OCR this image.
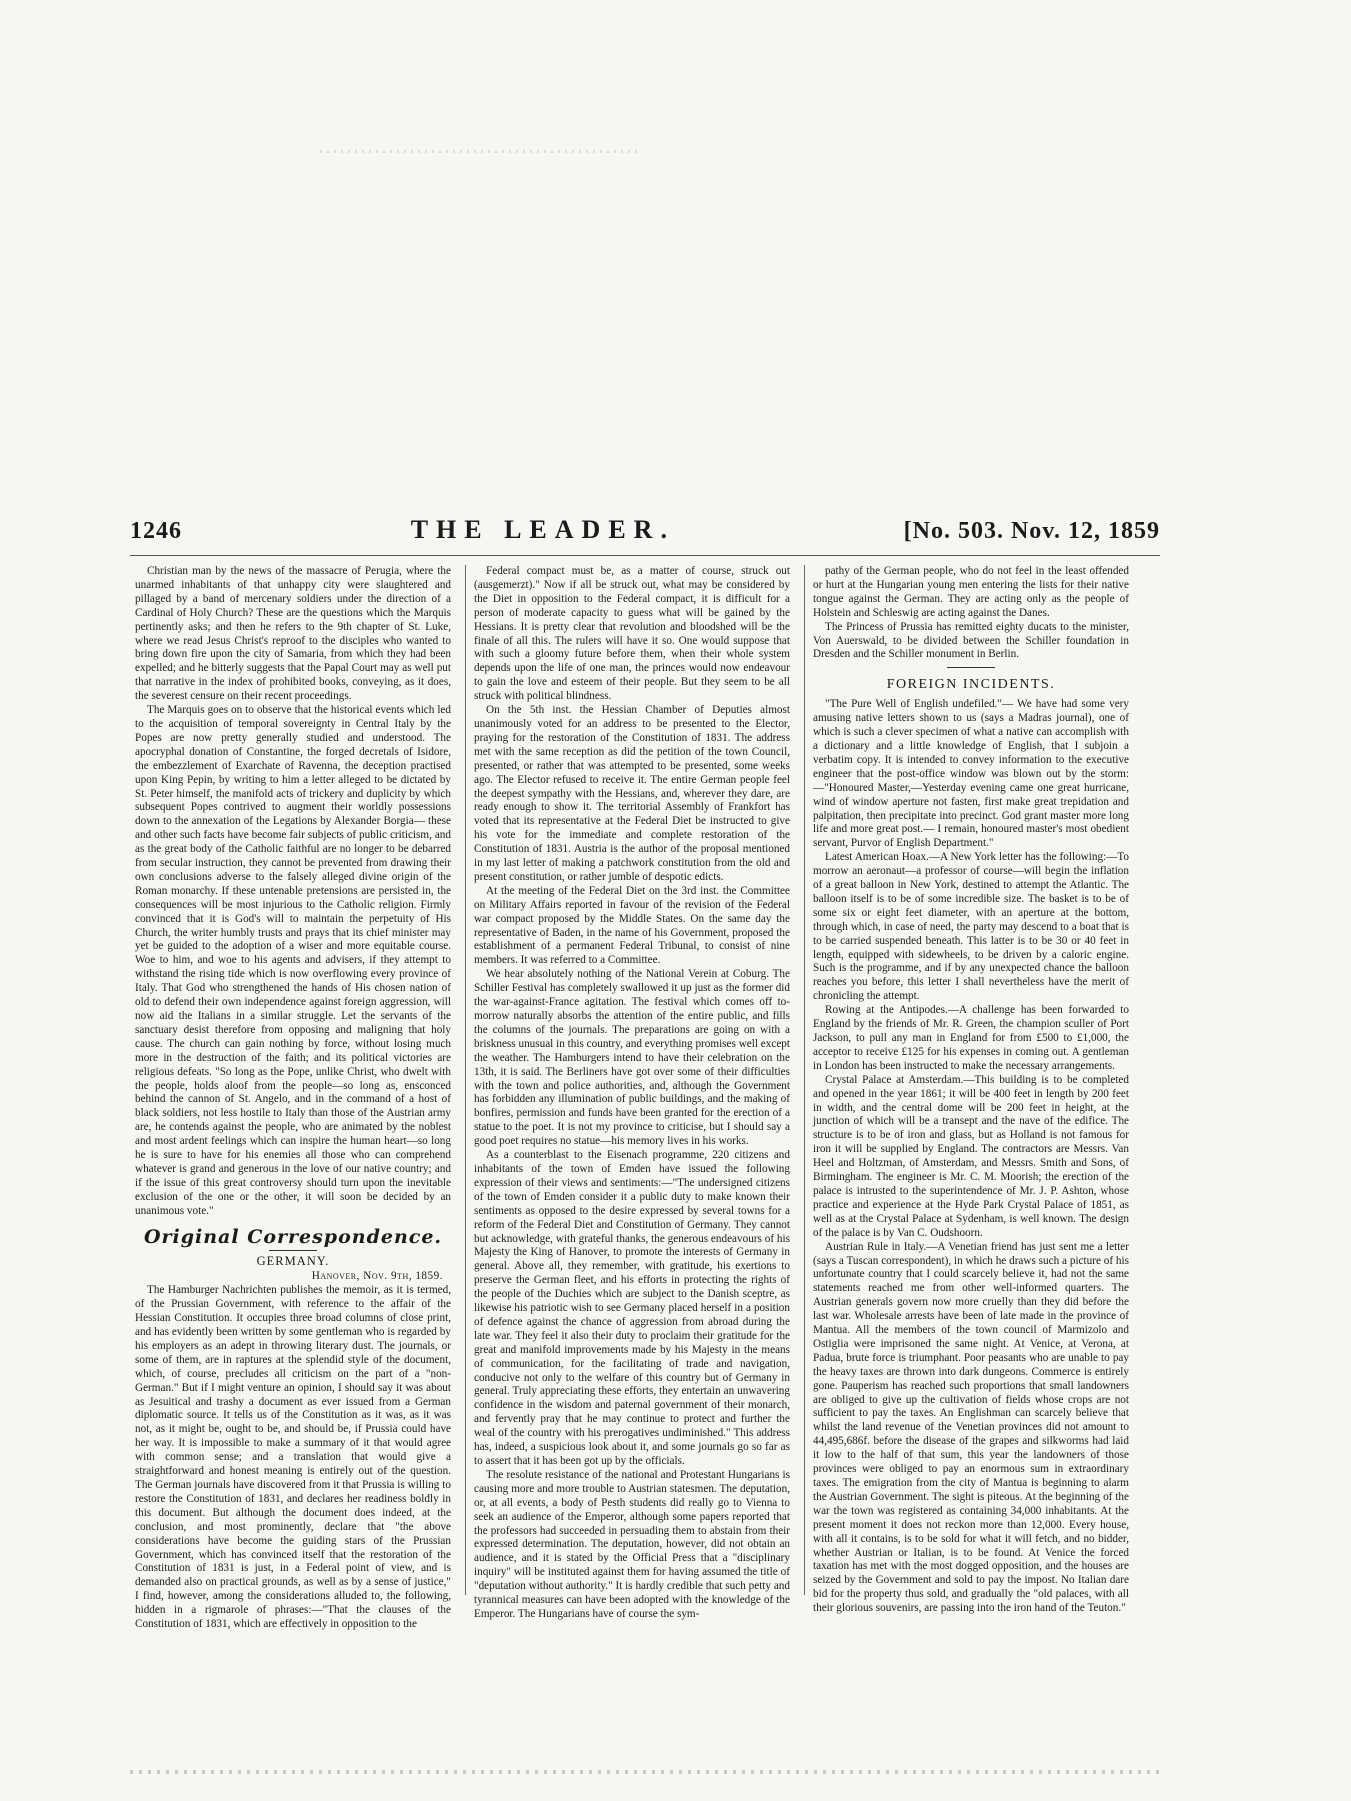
1246	THE LEADER.	[No. 503. Nov. 12, 1859

Christian man by the news of the massacre of Perugia, where the unarmed inhabitants of that unhappy city were slaughtered and pillaged by a band of mercenary soldiers under the direction of a Cardinal of Holy Church? These are the questions which the Marquis pertinently asks; and then he refers to the 9th chapter of St. Luke, where we read Jesus Christ's reproof to the disciples who wanted to bring down fire upon the city of Samaria, from which they had been expelled; and he bitterly suggests that the Papal Court may as well put that narrative in the index of prohibited books, conveying, as it does, the severest censure on their recent proceedings.

The Marquis goes on to observe that the historical events which led to the acquisition of temporal sovereignty in Central Italy by the Popes are now pretty generally studied and understood. The apocryphal donation of Constantine, the forged decretals of Isidore, the embezzlement of Exarchate of Ravenna, the deception practised upon King Pepin, by writing to him a letter alleged to be dictated by St. Peter himself, the manifold acts of trickery and duplicity by which subsequent Popes contrived to augment their worldly possessions down to the annexation of the Legations by Alexander Borgia— these and other such facts have become fair subjects of public criticism, and as the great body of the Catholic faithful are no longer to be debarred from secular instruction, they cannot be prevented from drawing their own conclusions adverse to the falsely alleged divine origin of the Roman monarchy. If these untenable pretensions are persisted in, the consequences will be most injurious to the Catholic religion. Firmly convinced that it is God's will to maintain the perpetuity of His Church, the writer humbly trusts and prays that its chief minister may yet be guided to the adoption of a wiser and more equitable course. Woe to him, and woe to his agents and advisers, if they attempt to withstand the rising tide which is now overflowing every province of Italy. That God who strengthened the hands of His chosen nation of old to defend their own independence against foreign aggression, will now aid the Italians in a similar struggle. Let the servants of the sanctuary desist therefore from opposing and maligning that holy cause. The church can gain nothing by force, without losing much more in the destruction of the faith; and its political victories are religious defeats. "So long as the Pope, unlike Christ, who dwelt with the people, holds aloof from the people—so long as, ensconced behind the cannon of St. Angelo, and in the command of a host of black soldiers, not less hostile to Italy than those of the Austrian army are, he contends against the people, who are animated by the noblest and most ardent feelings which can inspire the human heart—so long he is sure to have for his enemies all those who can comprehend whatever is grand and generous in the love of our native country; and if the issue of this great controversy should turn upon the inevitable exclusion of the one or the other, it will soon be decided by an unanimous vote."

Original Correspondence.
GERMANY.
Hanover, Nov. 9th, 1859.

The Hamburger Nachrichten publishes the memoir, as it is termed, of the Prussian Government, with reference to the affair of the Hessian Constitution. It occupies three broad columns of close print, and has evidently been written by some gentleman who is regarded by his employers as an adept in throwing literary dust. The journals, or some of them, are in raptures at the splendid style of the document, which, of course, precludes all criticism on the part of a "non-German." But if I might venture an opinion, I should say it was about as Jesuitical and trashy a document as ever issued from a German diplomatic source. It tells us of the Constitution as it was, as it was not, as it might be, ought to be, and should be, if Prussia could have her way. It is impossible to make a summary of it that would agree with common sense; and a translation that would give a straightforward and honest meaning is entirely out of the question. The German journals have discovered from it that Prussia is willing to restore the Constitution of 1831, and declares her readiness boldly in this document. But although the document does indeed, at the conclusion, and most prominently, declare that "the above considerations have become the guiding stars of the Prussian Government, which has convinced itself that the restoration of the Constitution of 1831 is just, in a Federal point of view, and is demanded also on practical grounds, as well as by a sense of justice," I find, however, among the considerations alluded to, the following, hidden in a rigmarole of phrases:—"That the clauses of the Constitution of 1831, which are effectively in opposition to the

Federal compact must be, as a matter of course, struck out (ausgemerzt)." Now if all be struck out, what may be considered by the Diet in opposition to the Federal compact, it is difficult for a person of moderate capacity to guess what will be gained by the Hessians. It is pretty clear that revolution and bloodshed will be the finale of all this. The rulers will have it so. One would suppose that with such a gloomy future before them, when their whole system depends upon the life of one man, the princes would now endeavour to gain the love and esteem of their people. But they seem to be all struck with political blindness.

On the 5th inst. the Hessian Chamber of Deputies almost unanimously voted for an address to be presented to the Elector, praying for the restoration of the Constitution of 1831. The address met with the same reception as did the petition of the town Council, presented, or rather that was attempted to be presented, some weeks ago. The Elector refused to receive it. The entire German people feel the deepest sympathy with the Hessians, and, wherever they dare, are ready enough to show it. The territorial Assembly of Frankfort has voted that its representative at the Federal Diet be instructed to give his vote for the immediate and complete restoration of the Constitution of 1831. Austria is the author of the proposal mentioned in my last letter of making a patchwork constitution from the old and present constitution, or rather jumble of despotic edicts.

At the meeting of the Federal Diet on the 3rd inst. the Committee on Military Affairs reported in favour of the revision of the Federal war compact proposed by the Middle States. On the same day the representative of Baden, in the name of his Government, proposed the establishment of a permanent Federal Tribunal, to consist of nine members. It was referred to a Committee.

We hear absolutely nothing of the National Verein at Coburg. The Schiller Festival has completely swallowed it up just as the former did the war-against-France agitation. The festival which comes off to-morrow naturally absorbs the attention of the entire public, and fills the columns of the journals. The preparations are going on with a briskness unusual in this country, and everything promises well except the weather. The Hamburgers intend to have their celebration on the 13th, it is said. The Berliners have got over some of their difficulties with the town and police authorities, and, although the Government has forbidden any illumination of public buildings, and the making of bonfires, permission and funds have been granted for the erection of a statue to the poet. It is not my province to criticise, but I should say a good poet requires no statue—his memory lives in his works.

As a counterblast to the Eisenach programme, 220 citizens and inhabitants of the town of Emden have issued the following expression of their views and sentiments:—"The undersigned citizens of the town of Emden consider it a public duty to make known their sentiments as opposed to the desire expressed by several towns for a reform of the Federal Diet and Constitution of Germany. They cannot but acknowledge, with grateful thanks, the generous endeavours of his Majesty the King of Hanover, to promote the interests of Germany in general. Above all, they remember, with gratitude, his exertions to preserve the German fleet, and his efforts in protecting the rights of the people of the Duchies which are subject to the Danish sceptre, as likewise his patriotic wish to see Germany placed herself in a position of defence against the chance of aggression from abroad during the late war. They feel it also their duty to proclaim their gratitude for the great and manifold improvements made by his Majesty in the means of communication, for the facilitating of trade and navigation, conducive not only to the welfare of this country but of Germany in general. Truly appreciating these efforts, they entertain an unwavering confidence in the wisdom and paternal government of their monarch, and fervently pray that he may continue to protect and further the weal of the country with his prerogatives undiminished." This address has, indeed, a suspicious look about it, and some journals go so far as to assert that it has been got up by the officials.

The resolute resistance of the national and Protestant Hungarians is causing more and more trouble to Austrian statesmen. The deputation, or, at all events, a body of Pesth students did really go to Vienna to seek an audience of the Emperor, although some papers reported that the professors had succeeded in persuading them to abstain from their expressed determination. The deputation, however, did not obtain an audience, and it is stated by the Official Press that a "disciplinary inquiry" will be instituted against them for having assumed the title of "deputation without authority." It is hardly credible that such petty and tyrannical measures can have been adopted with the knowledge of the Emperor. The Hungarians have of course the sym-

pathy of the German people, who do not feel in the least offended or hurt at the Hungarian young men entering the lists for their native tongue against the German. They are acting only as the people of Holstein and Schleswig are acting against the Danes.

The Princess of Prussia has remitted eighty ducats to the minister, Von Auerswald, to be divided between the Schiller foundation in Dresden and the Schiller monument in Berlin.

FOREIGN INCIDENTS.

"The Pure Well of English undefiled."— We have had some very amusing native letters shown to us (says a Madras journal), one of which is such a clever specimen of what a native can accomplish with a dictionary and a little knowledge of English, that I subjoin a verbatim copy. It is intended to convey information to the executive engineer that the post-office window was blown out by the storm:—"Honoured Master,—Yesterday evening came one great hurricane, wind of window aperture not fasten, first make great trepidation and palpitation, then precipitate into precinct. God grant master more long life and more great post.— I remain, honoured master's most obedient servant, Purvor of English Department."

Latest American Hoax.—A New York letter has the following:—To morrow an aeronaut—a professor of course—will begin the inflation of a great balloon in New York, destined to attempt the Atlantic. The balloon itself is to be of some incredible size. The basket is to be of some six or eight feet diameter, with an aperture at the bottom, through which, in case of need, the party may descend to a boat that is to be carried suspended beneath. This latter is to be 30 or 40 feet in length, equipped with sidewheels, to be driven by a caloric engine. Such is the programme, and if by any unexpected chance the balloon reaches you before, this letter I shall nevertheless have the merit of chronicling the attempt.

Rowing at the Antipodes.—A challenge has been forwarded to England by the friends of Mr. R. Green, the champion sculler of Port Jackson, to pull any man in England for from £500 to £1,000, the acceptor to receive £125 for his expenses in coming out. A gentleman in London has been instructed to make the necessary arrangements.

Crystal Palace at Amsterdam.—This building is to be completed and opened in the year 1861; it will be 400 feet in length by 200 feet in width, and the central dome will be 200 feet in height, at the junction of which will be a transept and the nave of the edifice. The structure is to be of iron and glass, but as Holland is not famous for iron it will be supplied by England. The contractors are Messrs. Van Heel and Holtzman, of Amsterdam, and Messrs. Smith and Sons, of Birmingham. The engineer is Mr. C. M. Moorish; the erection of the palace is intrusted to the superintendence of Mr. J. P. Ashton, whose practice and experience at the Hyde Park Crystal Palace of 1851, as well as at the Crystal Palace at Sydenham, is well known. The design of the palace is by Van C. Oudshoorn.

Austrian Rule in Italy.—A Venetian friend has just sent me a letter (says a Tuscan correspondent), in which he draws such a picture of his unfortunate country that I could scarcely believe it, had not the same statements reached me from other well-informed quarters. The Austrian generals govern now more cruelly than they did before the last war. Wholesale arrests have been of late made in the province of Mantua. All the members of the town council of Marmizolo and Ostiglia were imprisoned the same night. At Venice, at Verona, at Padua, brute force is triumphant. Poor peasants who are unable to pay the heavy taxes are thrown into dark dungeons. Commerce is entirely gone. Pauperism has reached such proportions that small landowners are obliged to give up the cultivation of fields whose crops are not sufficient to pay the taxes. An Englishman can scarcely believe that whilst the land revenue of the Venetian provinces did not amount to 44,495,686f. before the disease of the grapes and silkworms had laid it low to the half of that sum, this year the landowners of those provinces were obliged to pay an enormous sum in extraordinary taxes. The emigration from the city of Mantua is beginning to alarm the Austrian Government. The sight is piteous. At the beginning of the war the town was registered as containing 34,000 inhabitants. At the present moment it does not reckon more than 12,000. Every house, with all it contains, is to be sold for what it will fetch, and no bidder, whether Austrian or Italian, is to be found. At Venice the forced taxation has met with the most dogged opposition, and the houses are seized by the Government and sold to pay the impost. No Italian dare bid for the property thus sold, and gradually the "old palaces, with all their glorious souvenirs, are passing into the iron hand of the Teuton."
